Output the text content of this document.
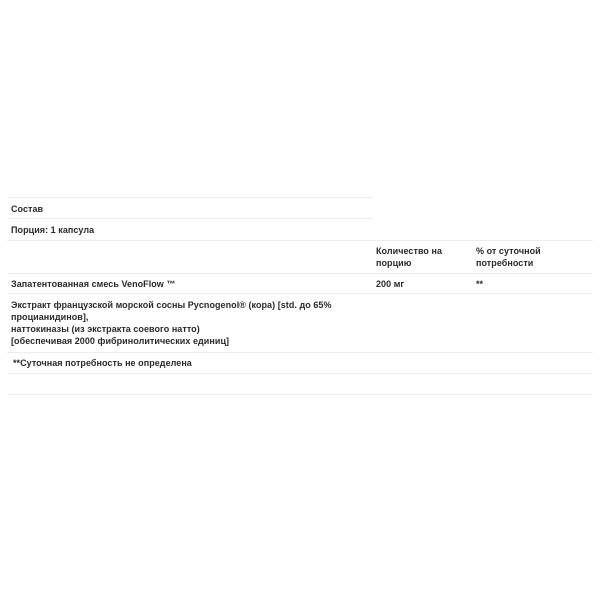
Состав
Порция: 1 капсула
Количество на
порцию
% от суточной
потребности
Запатентованная смесь VenoFlow ™	200 мг	**
Экстракт французской морской сосны Pycnogenol® (кора) [std. до 65%
процианидинов],
наттокиназы (из экстракта соевого натто)
[обеспечивая 2000 фибринолитических единиц]
**Суточная потребность не определена
